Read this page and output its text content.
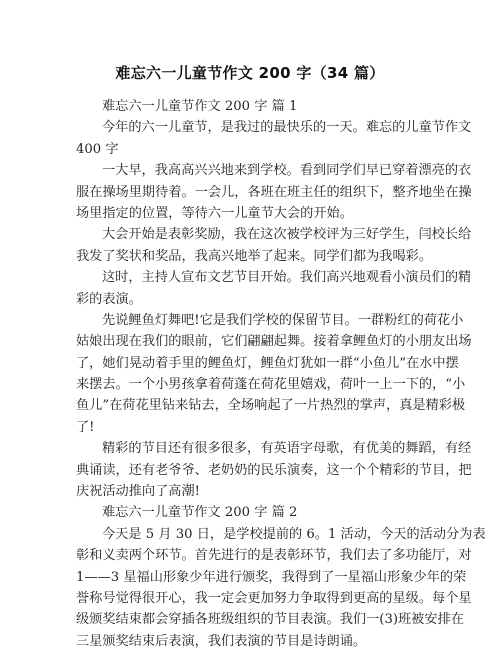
难忘六一儿童节作文 200 字（34 篇）
难忘六一儿童节作文 200 字 篇 1
今年的六一儿童节，是我过的最快乐的一天。难忘的儿童节作文
400 字
一大早，我高高兴兴地来到学校。看到同学们早已穿着漂亮的衣
服在操场里期待着。一会儿，各班在班主任的组织下，整齐地坐在操
场里指定的位置，等待六一儿童节大会的开始。
大会开始是表彰奖励，我在这次被学校评为三好学生，闫校长给
我发了奖状和奖品，我高兴地举了起来。同学们都为我喝彩。
这时，主持人宣布文艺节目开始。我们高兴地观看小演员们的精
彩的表演。
先说鲤鱼灯舞吧!它是我们学校的保留节目。一群粉红的荷花小
姑娘出现在我们的眼前，它们翩翩起舞。接着拿鲤鱼灯的小朋友出场
了，她们晃动着手里的鲤鱼灯，鲤鱼灯犹如一群“小鱼儿”在水中摆
来摆去。一个小男孩拿着荷蓬在荷花里嬉戏，荷叶一上一下的，“小
鱼儿”在荷花里钻来钻去，全场响起了一片热烈的掌声，真是精彩极
了!
精彩的节目还有很多很多，有英语字母歌，有优美的舞蹈，有经
典诵读，还有老爷爷、老奶奶的民乐演奏，这一个个精彩的节目，把
庆祝活动推向了高潮!
难忘六一儿童节作文 200 字 篇 2
今天是 5 月 30 日，是学校提前的 6。1 活动，今天的活动分为表
彰和义卖两个环节。首先进行的是表彰环节，我们去了多功能厅，对
1——3 星福山形象少年进行颁奖，我得到了一星福山形象少年的荣
誉称号觉得很开心，我一定会更加努力争取得到更高的星级。每个星
级颁奖结束都会穿插各班级组织的节目表演。我们一(3)班被安排在
三星颁奖结束后表演，我们表演的节目是诗朗诵。
